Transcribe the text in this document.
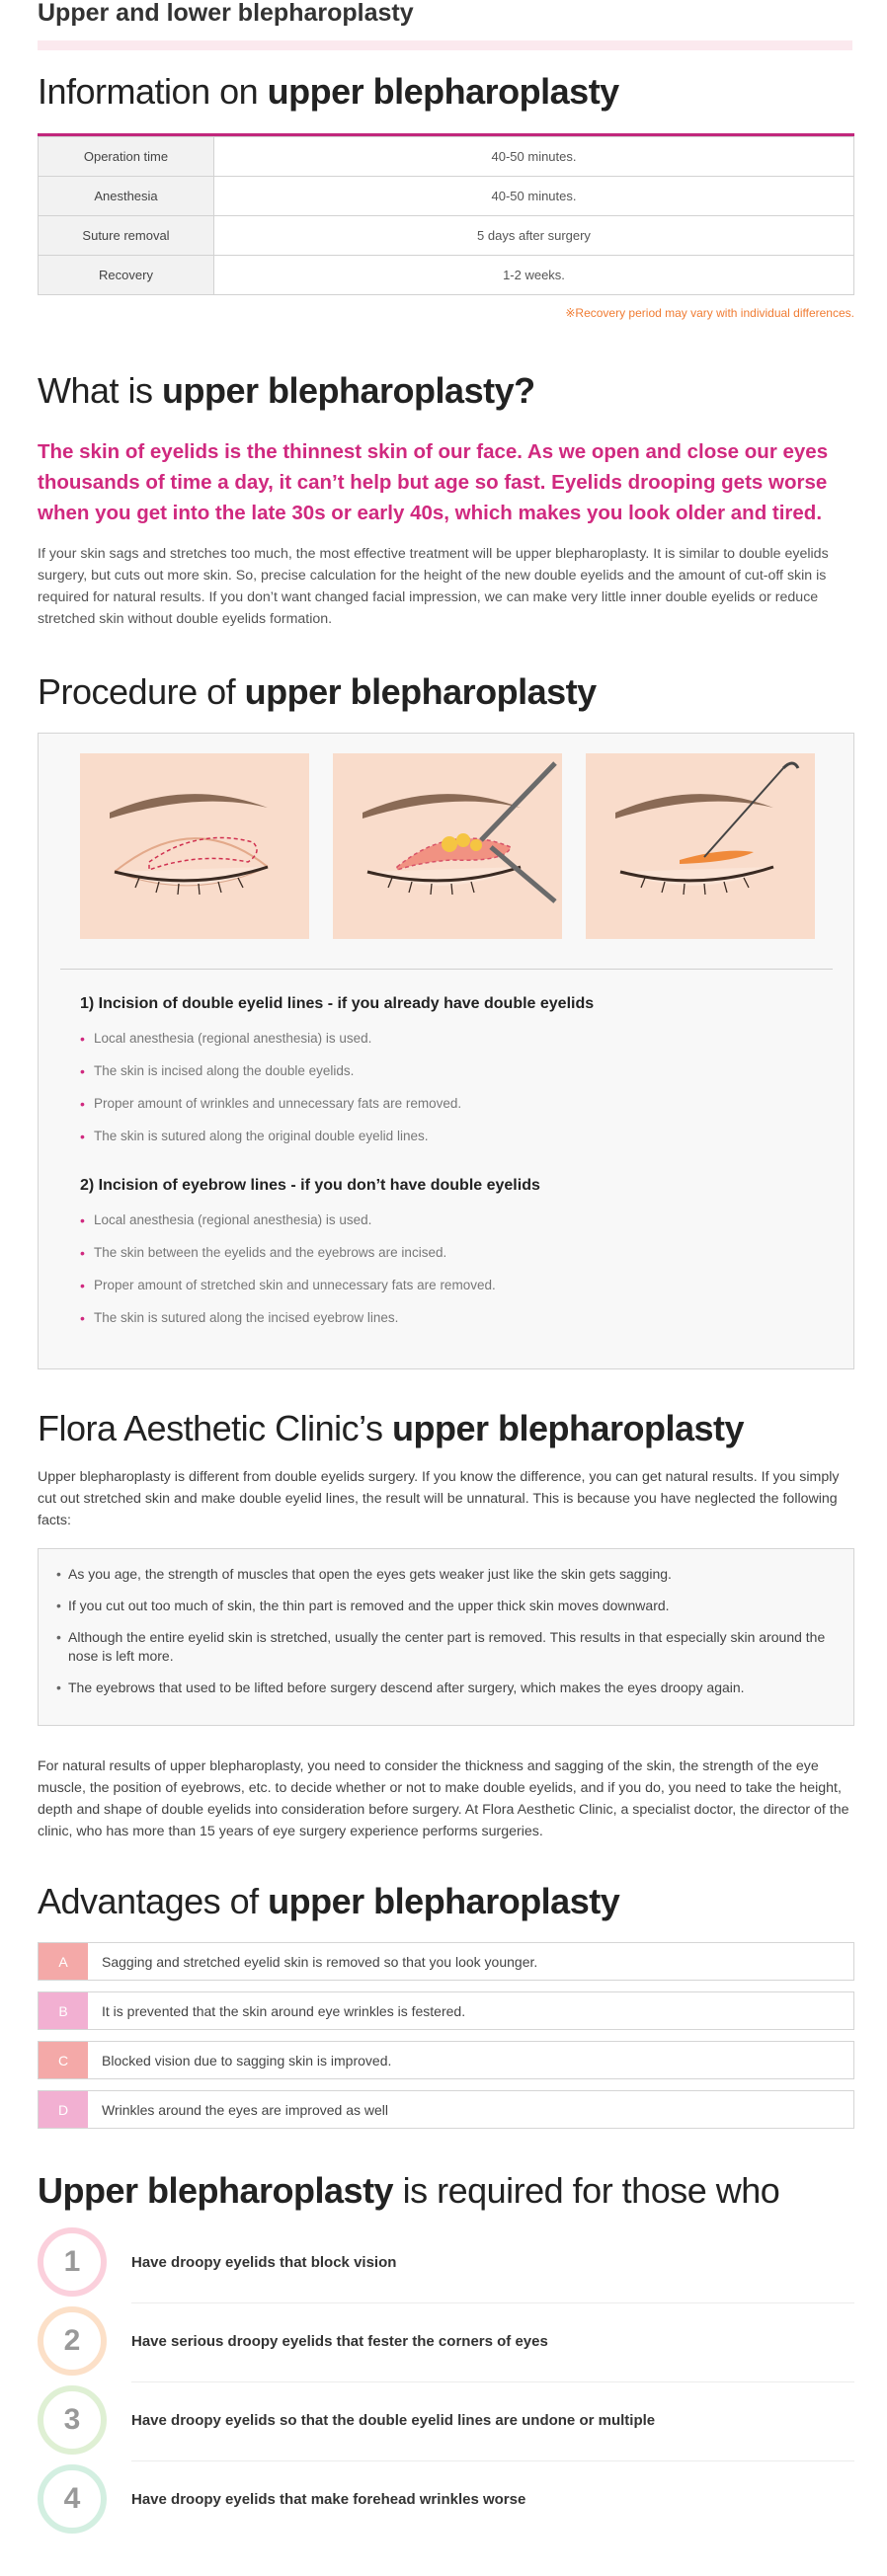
Upper and lower blepharoplasty
Information on upper blepharoplasty
Operation time	40-50 minutes.
Anesthesia	40-50 minutes.
Suture removal	5 days after surgery
Recovery	1-2 weeks.
※Recovery period may vary with individual differences.
What is upper blepharoplasty?
The skin of eyelids is the thinnest skin of our face. As we open and close our eyes thousands of time a day, it can’t help but age so fast. Eyelids drooping gets worse when you get into the late 30s or early 40s, which makes you look older and tired.
If your skin sags and stretches too much, the most effective treatment will be upper blepharoplasty. It is similar to double eyelids surgery, but cuts out more skin. So, precise calculation for the height of the new double eyelids and the amount of cut-off skin is required for natural results. If you don’t want changed facial impression, we can make very little inner double eyelids or reduce stretched skin without double eyelids formation.
Procedure of upper blepharoplasty
1) Incision of double eyelid lines - if you already have double eyelids
• Local anesthesia (regional anesthesia) is used.
• The skin is incised along the double eyelids.
• Proper amount of wrinkles and unnecessary fats are removed.
• The skin is sutured along the original double eyelid lines.
2) Incision of eyebrow lines - if you don’t have double eyelids
• Local anesthesia (regional anesthesia) is used.
• The skin between the eyelids and the eyebrows are incised.
• Proper amount of stretched skin and unnecessary fats are removed.
• The skin is sutured along the incised eyebrow lines.
Flora Aesthetic Clinic’s upper blepharoplasty
Upper blepharoplasty is different from double eyelids surgery. If you know the difference, you can get natural results. If you simply cut out stretched skin and make double eyelid lines, the result will be unnatural. This is because you have neglected the following facts:
• As you age, the strength of muscles that open the eyes gets weaker just like the skin gets sagging.
• If you cut out too much of skin, the thin part is removed and the upper thick skin moves downward.
• Although the entire eyelid skin is stretched, usually the center part is removed. This results in that especially skin around the nose is left more.
• The eyebrows that used to be lifted before surgery descend after surgery, which makes the eyes droopy again.
For natural results of upper blepharoplasty, you need to consider the thickness and sagging of the skin, the strength of the eye muscle, the position of eyebrows, etc. to decide whether or not to make double eyelids, and if you do, you need to take the height, depth and shape of double eyelids into consideration before surgery. At Flora Aesthetic Clinic, a specialist doctor, the director of the clinic, who has more than 15 years of eye surgery experience performs surgeries.
Advantages of upper blepharoplasty
A	Sagging and stretched eyelid skin is removed so that you look younger.
B	It is prevented that the skin around eye wrinkles is festered.
C	Blocked vision due to sagging skin is improved.
D	Wrinkles around the eyes are improved as well
Upper blepharoplasty is required for those who
1	Have droopy eyelids that block vision
2	Have serious droopy eyelids that fester the corners of eyes
3	Have droopy eyelids so that the double eyelid lines are undone or multiple
4	Have droopy eyelids that make forehead wrinkles worse
